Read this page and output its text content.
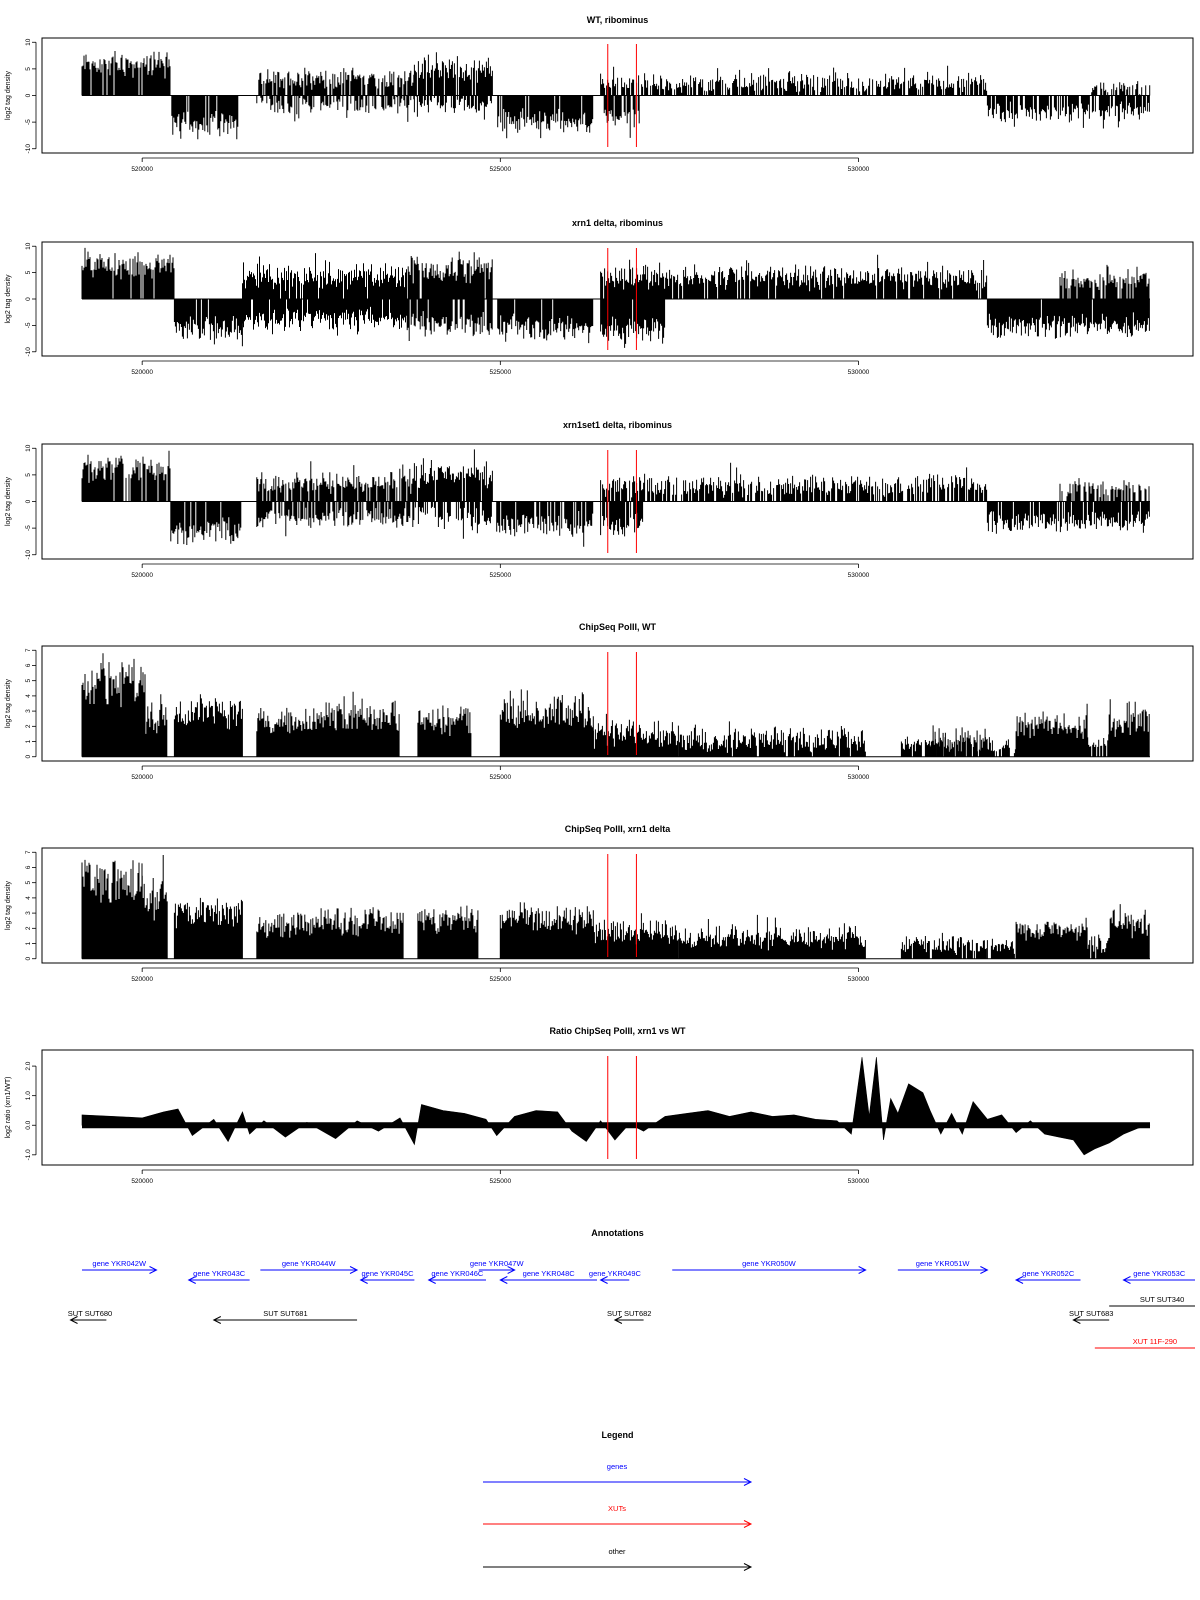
WT, ribominus
-10
-5
0
5
10
log2 tag density
520000	525000	530000
xrn1 delta, ribominus
-10
-5
0
5
10
log2 tag density
520000	525000	530000
xrn1set1 delta, ribominus
-10
-5
0
5
10
log2 tag density
520000	525000	530000
ChipSeq PolII, WT
0
1
2
3
4
5
6
7
log2 tag density
520000	525000	530000
ChipSeq PolII, xrn1 delta
0
1
2
3
4
5
6
7
log2 tag density
520000	525000	530000
Ratio ChipSeq PolII, xrn1 vs WT
-1.0
0.0
1.0
2.0
log2 ratio (xrn1/WT)
520000	525000	530000
Annotations
gene YKR042W
gene YKR043C
gene YKR044W
gene YKR045C gene YKR046C
gene YKR047W
gene YKR048C gene YKR049C
gene YKR050W	gene YKR051W
gene YKR052C	gene YKR053C
SUT SUT680	SUT SUT681	SUT SUT682	SUT SUT683
SUT SUT340
XUT 11F-290
Legend
genes
XUTs
other
